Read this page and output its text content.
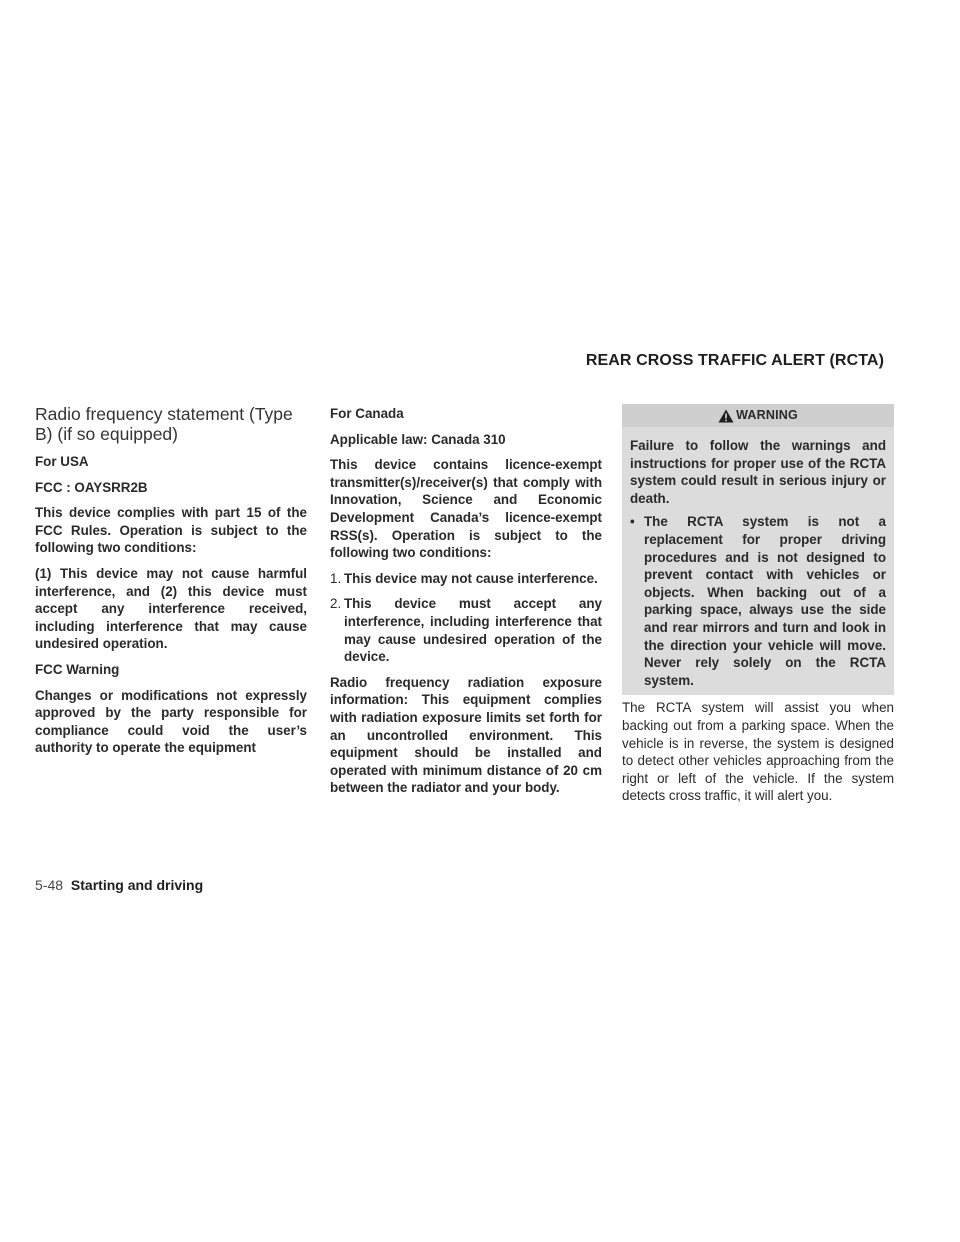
REAR CROSS TRAFFIC ALERT (RCTA)
Radio frequency statement (Type B) (if so equipped)

For USA

FCC : OAYSRR2B

This device complies with part 15 of the FCC Rules. Operation is subject to the following two conditions:

(1) This device may not cause harmful interference, and (2) this device must accept any interference received, including interference that may cause undesired operation.

FCC Warning

Changes or modifications not expressly approved by the party responsible for compliance could void the user’s authority to operate the equipment

For Canada

Applicable law: Canada 310

This device contains licence-exempt transmitter(s)/receiver(s) that comply with Innovation, Science and Economic Development Canada’s licence-exempt RSS(s). Operation is subject to the following two conditions:

1. This device may not cause interference.
2. This device must accept any interference, including interference that may cause undesired operation of the device.

Radio frequency radiation exposure information: This equipment complies with radiation exposure limits set forth for an uncontrolled environment. This equipment should be installed and operated with minimum distance of 20 cm between the radiator and your body.

WARNING

Failure to follow the warnings and instructions for proper use of the RCTA system could result in serious injury or death.

• The RCTA system is not a replacement for proper driving procedures and is not designed to prevent contact with vehicles or objects. When backing out of a parking space, always use the side and rear mirrors and turn and look in the direction your vehicle will move. Never rely solely on the RCTA system.

The RCTA system will assist you when backing out from a parking space. When the vehicle is in reverse, the system is designed to detect other vehicles approaching from the right or left of the vehicle. If the system detects cross traffic, it will alert you.

5-48 Starting and driving
